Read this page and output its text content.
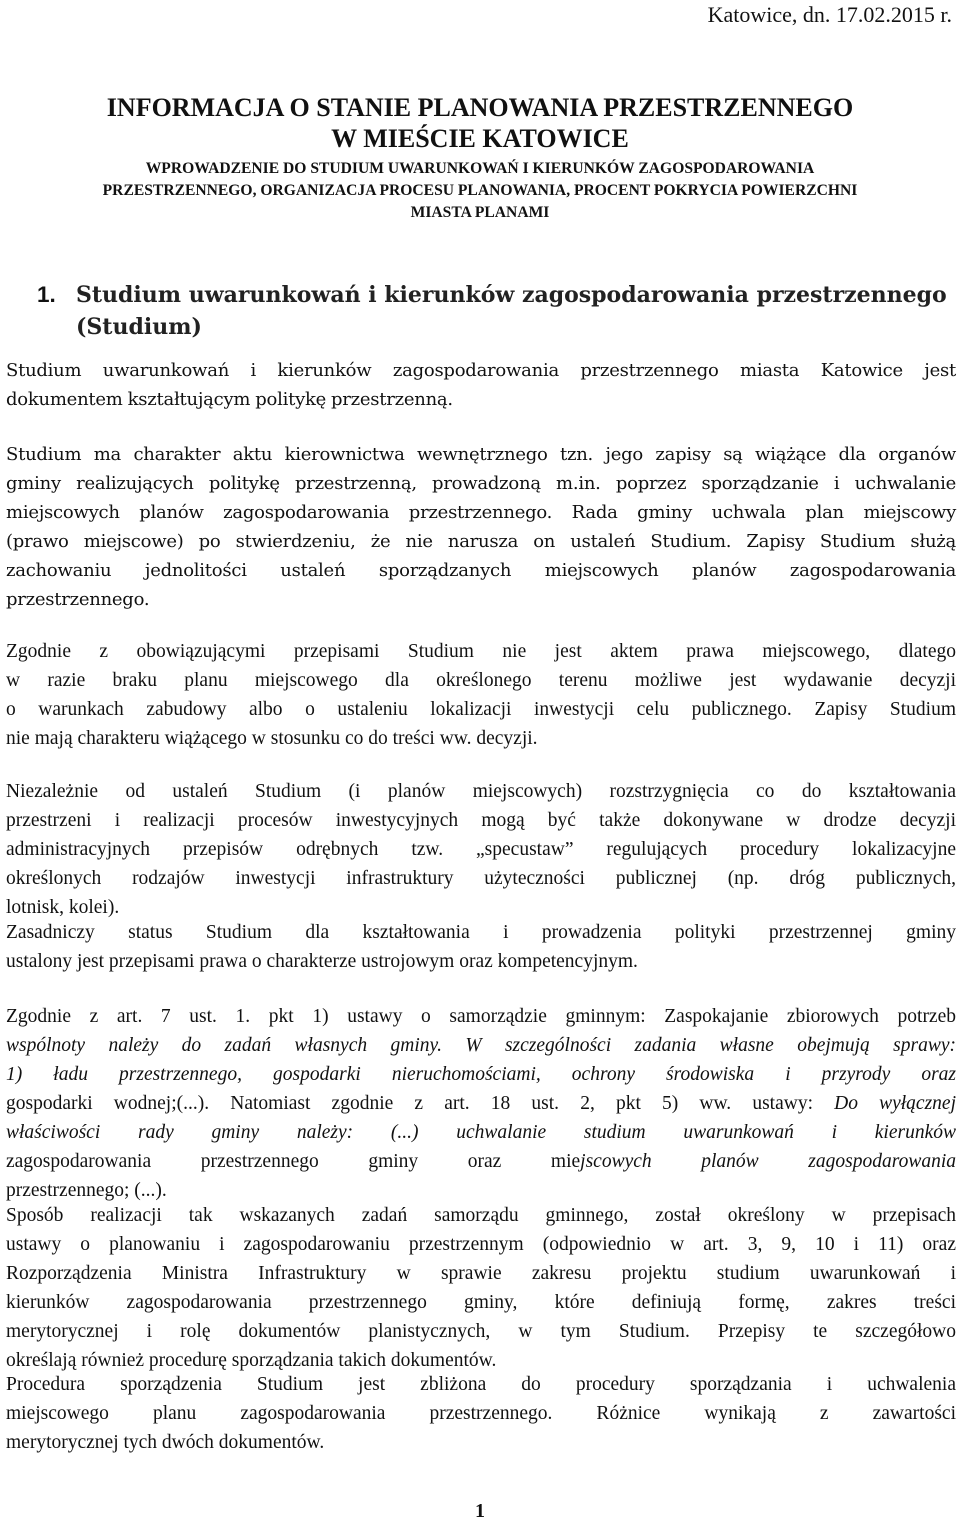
Katowice, dn. 17.02.2015 r.
INFORMACJA O STANIE PLANOWANIA PRZESTRZENNEGO
W MIEŚCIE KATOWICE
WPROWADZENIE DO STUDIUM UWARUNKOWAŃ I KIERUNKÓW ZAGOSPODAROWANIA
PRZESTRZENNEGO, ORGANIZACJA PROCESU PLANOWANIA, PROCENT POKRYCIA POWIERZCHNI
MIASTA PLANAMI
1. Studium uwarunkowań i kierunków zagospodarowania przestrzennego
(Studium)
Studium uwarunkowań i kierunków zagospodarowania przestrzennego miasta Katowice jest
dokumentem kształtującym politykę przestrzenną.
Studium ma charakter aktu kierownictwa wewnętrznego tzn. jego zapisy są wiążące dla organów
gminy realizujących politykę przestrzenną, prowadzoną m.in. poprzez sporządzanie i uchwalanie
miejscowych planów zagospodarowania przestrzennego. Rada gminy uchwala plan miejscowy
(prawo miejscowe) po stwierdzeniu, że nie narusza on ustaleń Studium. Zapisy Studium służą
zachowaniu jednolitości ustaleń sporządzanych miejscowych planów zagospodarowania
przestrzennego.
Zgodnie z obowiązującymi przepisami Studium nie jest aktem prawa miejscowego, dlatego
w razie braku planu miejscowego dla określonego terenu możliwe jest wydawanie decyzji
o warunkach zabudowy albo o ustaleniu lokalizacji inwestycji celu publicznego. Zapisy Studium
nie mają charakteru wiążącego w stosunku co do treści ww. decyzji.
Niezależnie od ustaleń Studium (i planów miejscowych) rozstrzygnięcia co do kształtowania
przestrzeni i realizacji procesów inwestycyjnych mogą być także dokonywane w drodze decyzji
administracyjnych przepisów odrębnych tzw. „specustaw” regulujących procedury lokalizacyjne
określonych rodzajów inwestycji infrastruktury użyteczności publicznej (np. dróg publicznych,
lotnisk, kolei).
Zasadniczy status Studium dla kształtowania i prowadzenia polityki przestrzennej gminy
ustalony jest przepisami prawa o charakterze ustrojowym oraz kompetencyjnym.
Zgodnie z art. 7 ust. 1. pkt 1) ustawy o samorządzie gminnym: Zaspokajanie zbiorowych potrzeb
wspólnoty należy do zadań własnych gminy. W szczególności zadania własne obejmują sprawy:
1) ładu przestrzennego, gospodarki nieruchomościami, ochrony środowiska i przyrody oraz
gospodarki wodnej;(...). Natomiast zgodnie z art. 18 ust. 2, pkt 5) ww. ustawy: Do wyłącznej
właściwości rady gminy należy: (...) uchwalanie studium uwarunkowań i kierunków
zagospodarowania przestrzennego gminy oraz miejscowych planów zagospodarowania
przestrzennego; (...).
Sposób realizacji tak wskazanych zadań samorządu gminnego, został określony w przepisach
ustawy o planowaniu i zagospodarowaniu przestrzennym (odpowiednio w art. 3, 9, 10 i 11) oraz
Rozporządzenia Ministra Infrastruktury w sprawie zakresu projektu studium uwarunkowań i
kierunków zagospodarowania przestrzennego gminy, które definiują formę, zakres treści
merytorycznej i rolę dokumentów planistycznych, w tym Studium. Przepisy te szczegółowo
określają również procedurę sporządzania takich dokumentów.
Procedura sporządzenia Studium jest zbliżona do procedury sporządzania i uchwalenia
miejscowego planu zagospodarowania przestrzennego. Różnice wynikają z zawartości
merytorycznej tych dwóch dokumentów.
1
